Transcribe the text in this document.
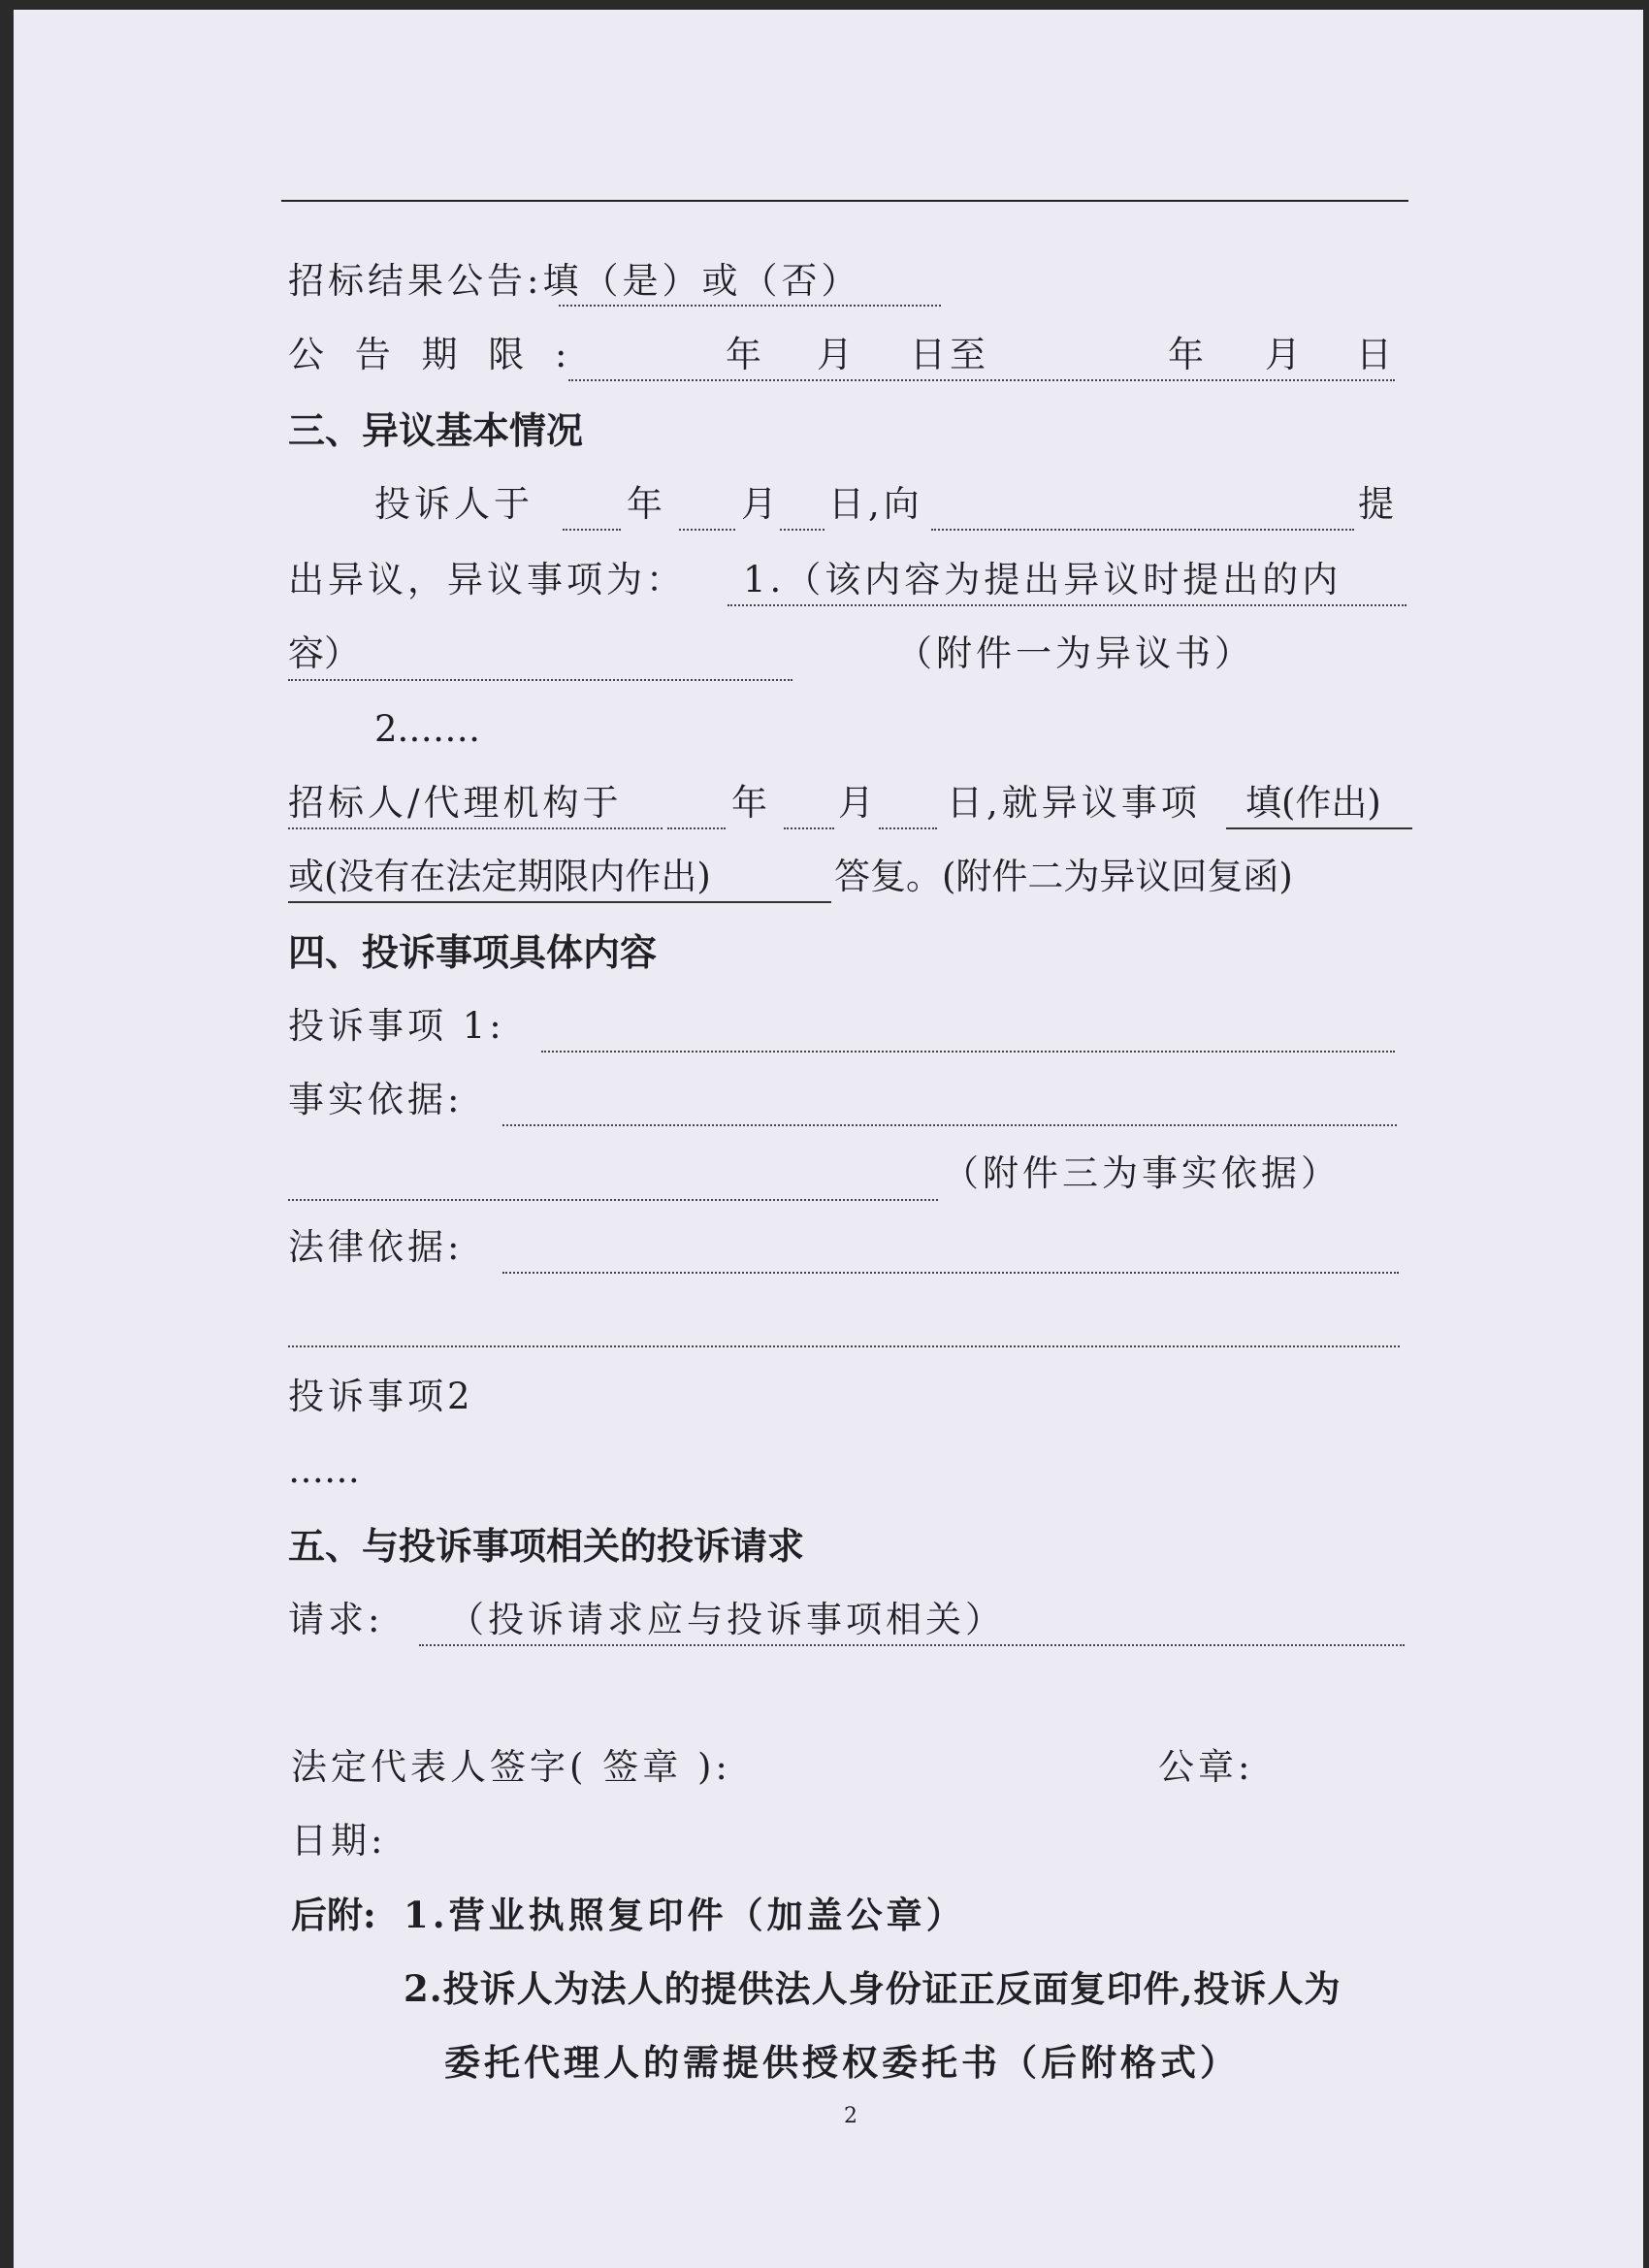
招标结果公告:填（是）或（否）
公 告 期 限 :	年 月 日至	年 月 日
三、异议基本情况
投诉人于	年 月 日,向	提
出异议，异议事项为： 1.（该内容为提出异议时提出的内
容）	（附件一为异议书）
2.……
招标人/代理机构于	年 月 日,就异议事项 填(作出)
或(没有在法定期限内作出)	答复。(附件二为异议回复函)
四、投诉事项具体内容
投诉事项 1:
事实依据:
（附件三为事实依据）
法律依据:
投诉事项2
……
五、与投诉事项相关的投诉请求
请求: （投诉请求应与投诉事项相关）
法定代表人签字( 签章 ):	公章:
日期:
后附: 1.营业执照复印件（加盖公章）
2.投诉人为法人的提供法人身份证正反面复印件,投诉人为
委托代理人的需提供授权委托书（后附格式）
2
